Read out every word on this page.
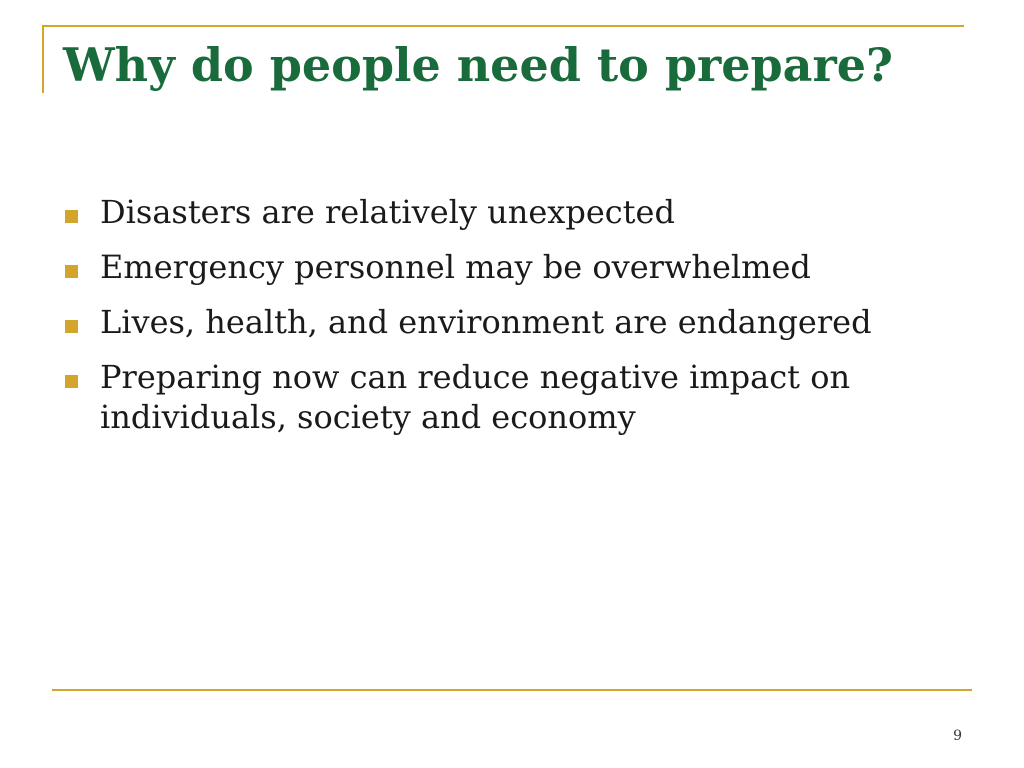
Why do people need to prepare?
Disasters are relatively unexpected
Emergency personnel may be overwhelmed
Lives, health, and environment are endangered
Preparing now can reduce negative impact on individuals, society and economy
9
